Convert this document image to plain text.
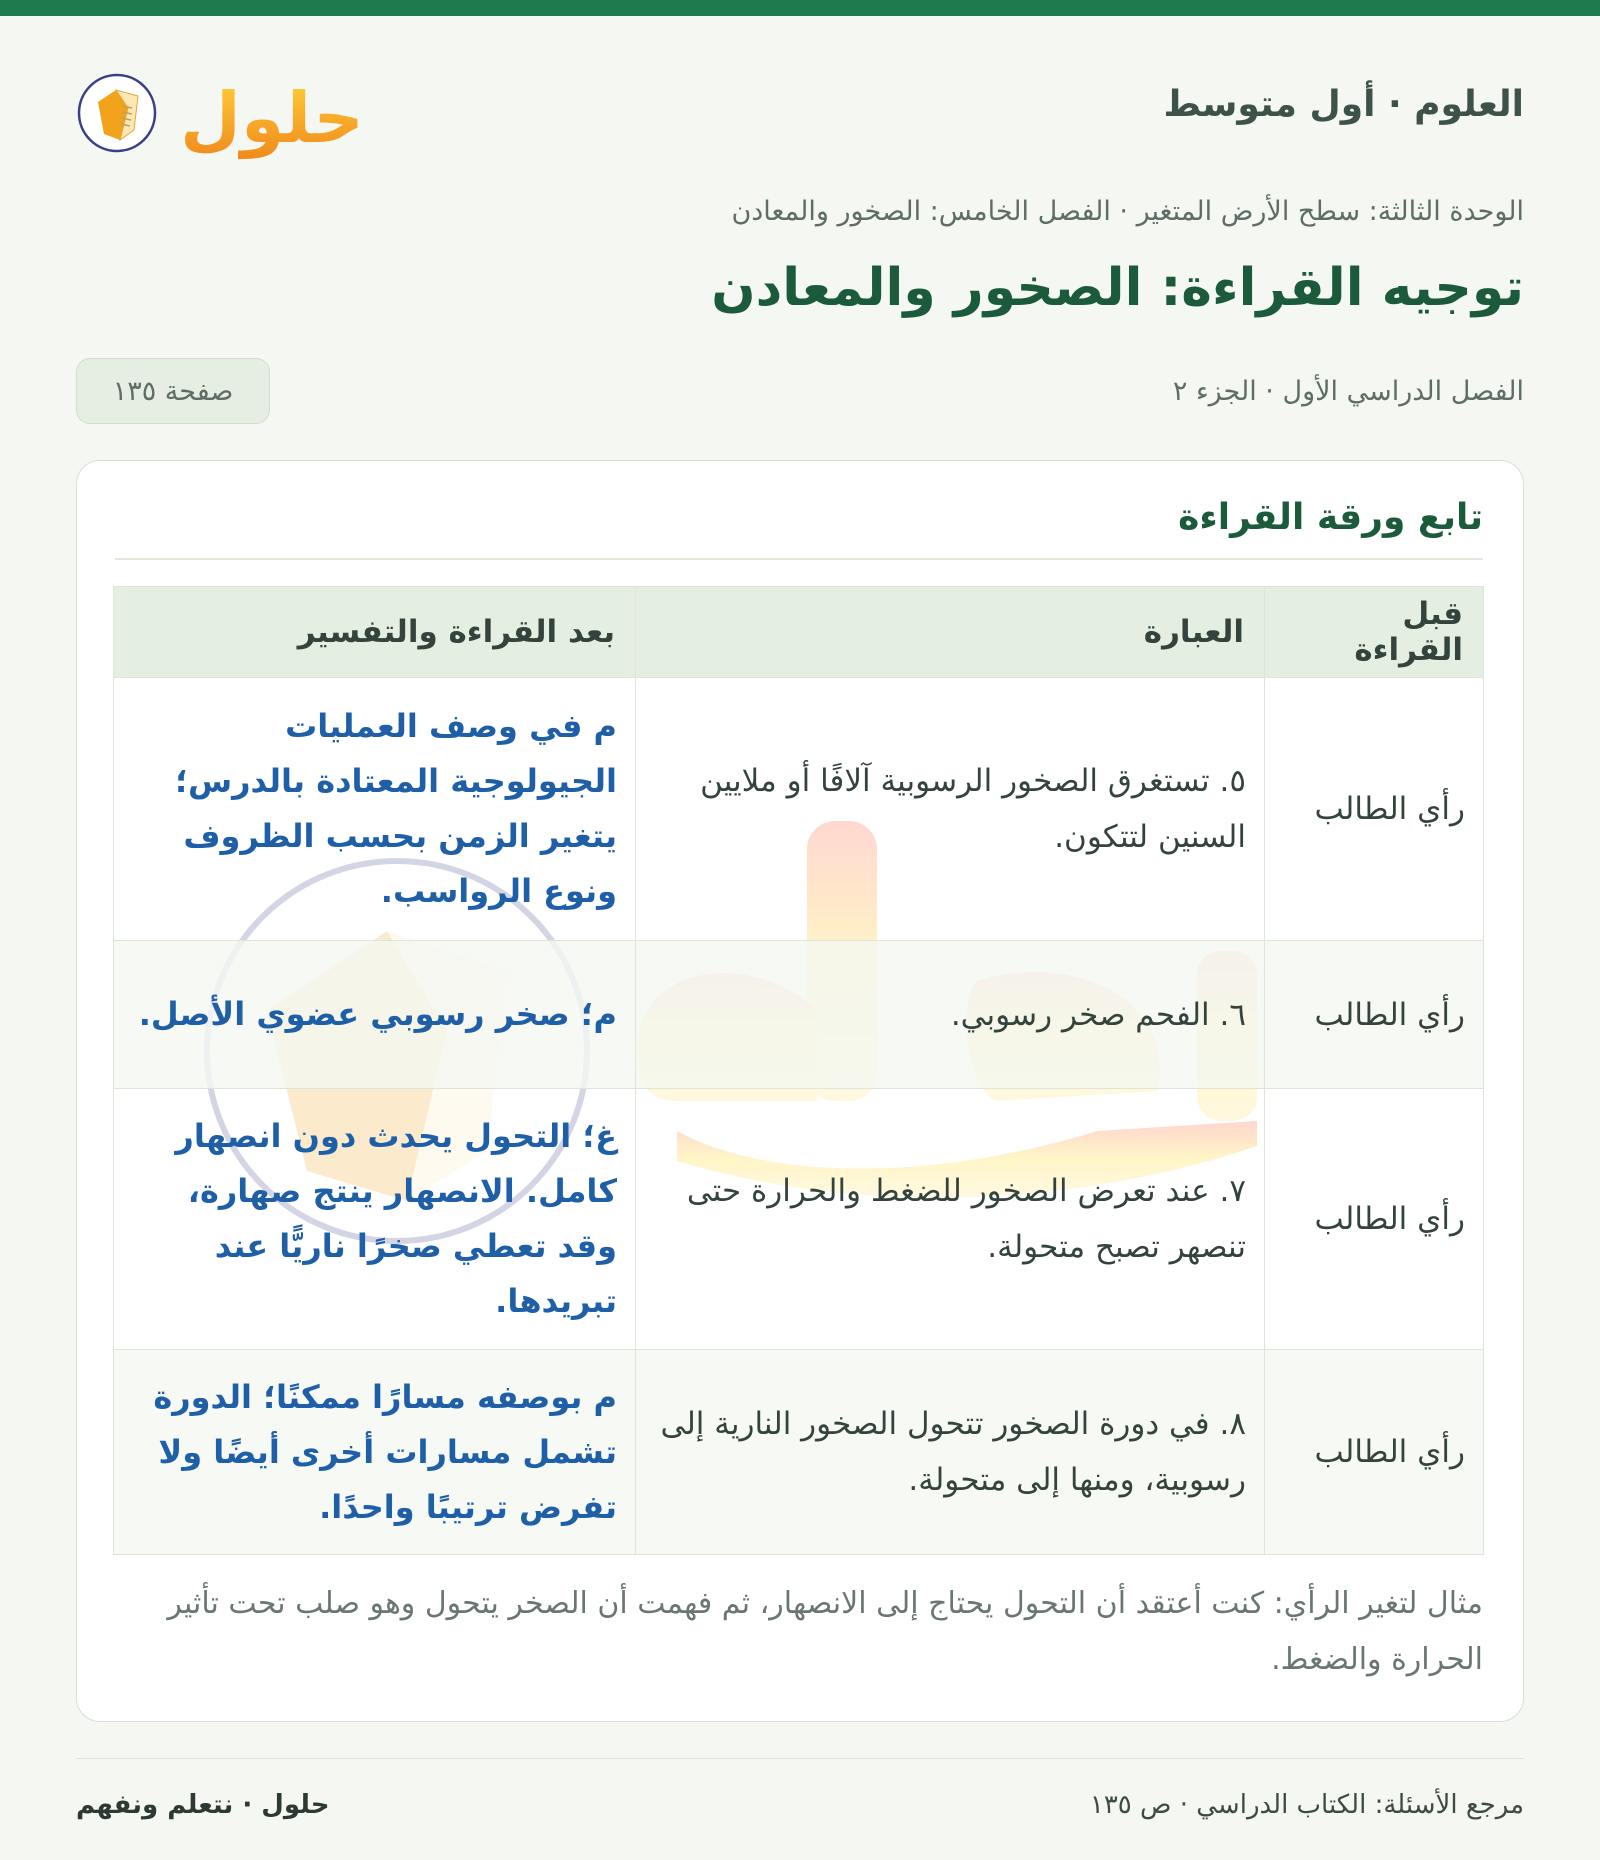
العلوم · أول متوسط
حلول
الوحدة الثالثة: سطح الأرض المتغير · الفصل الخامس: الصخور والمعادن
توجيه القراءة: الصخور والمعادن
الفصل الدراسي الأول · الجزء ٢
صفحة ١٣٥
تابع ورقة القراءة
قبل القراءة	العبارة	بعد القراءة والتفسير
رأي الطالب	٥. تستغرق الصخور الرسوبية آلافًا أو ملايين السنين لتتكون.	م في وصف العمليات الجيولوجية المعتادة بالدرس؛ يتغير الزمن بحسب الظروف ونوع الرواسب.
رأي الطالب	٦. الفحم صخر رسوبي.	م؛ صخر رسوبي عضوي الأصل.
رأي الطالب	٧. عند تعرض الصخور للضغط والحرارة حتى تنصهر تصبح متحولة.	غ؛ التحول يحدث دون انصهار كامل. الانصهار ينتج صهارة، وقد تعطي صخرًا ناريًّا عند تبريدها.
رأي الطالب	٨. في دورة الصخور تتحول الصخور النارية إلى رسوبية، ومنها إلى متحولة.	م بوصفه مسارًا ممكنًا؛ الدورة تشمل مسارات أخرى أيضًا ولا تفرض ترتيبًا واحدًا.

مثال لتغير الرأي: كنت أعتقد أن التحول يحتاج إلى الانصهار، ثم فهمت أن الصخر يتحول وهو صلب تحت تأثير الحرارة والضغط.

مرجع الأسئلة: الكتاب الدراسي · ص ١٣٥
حلول · نتعلم ونفهم
